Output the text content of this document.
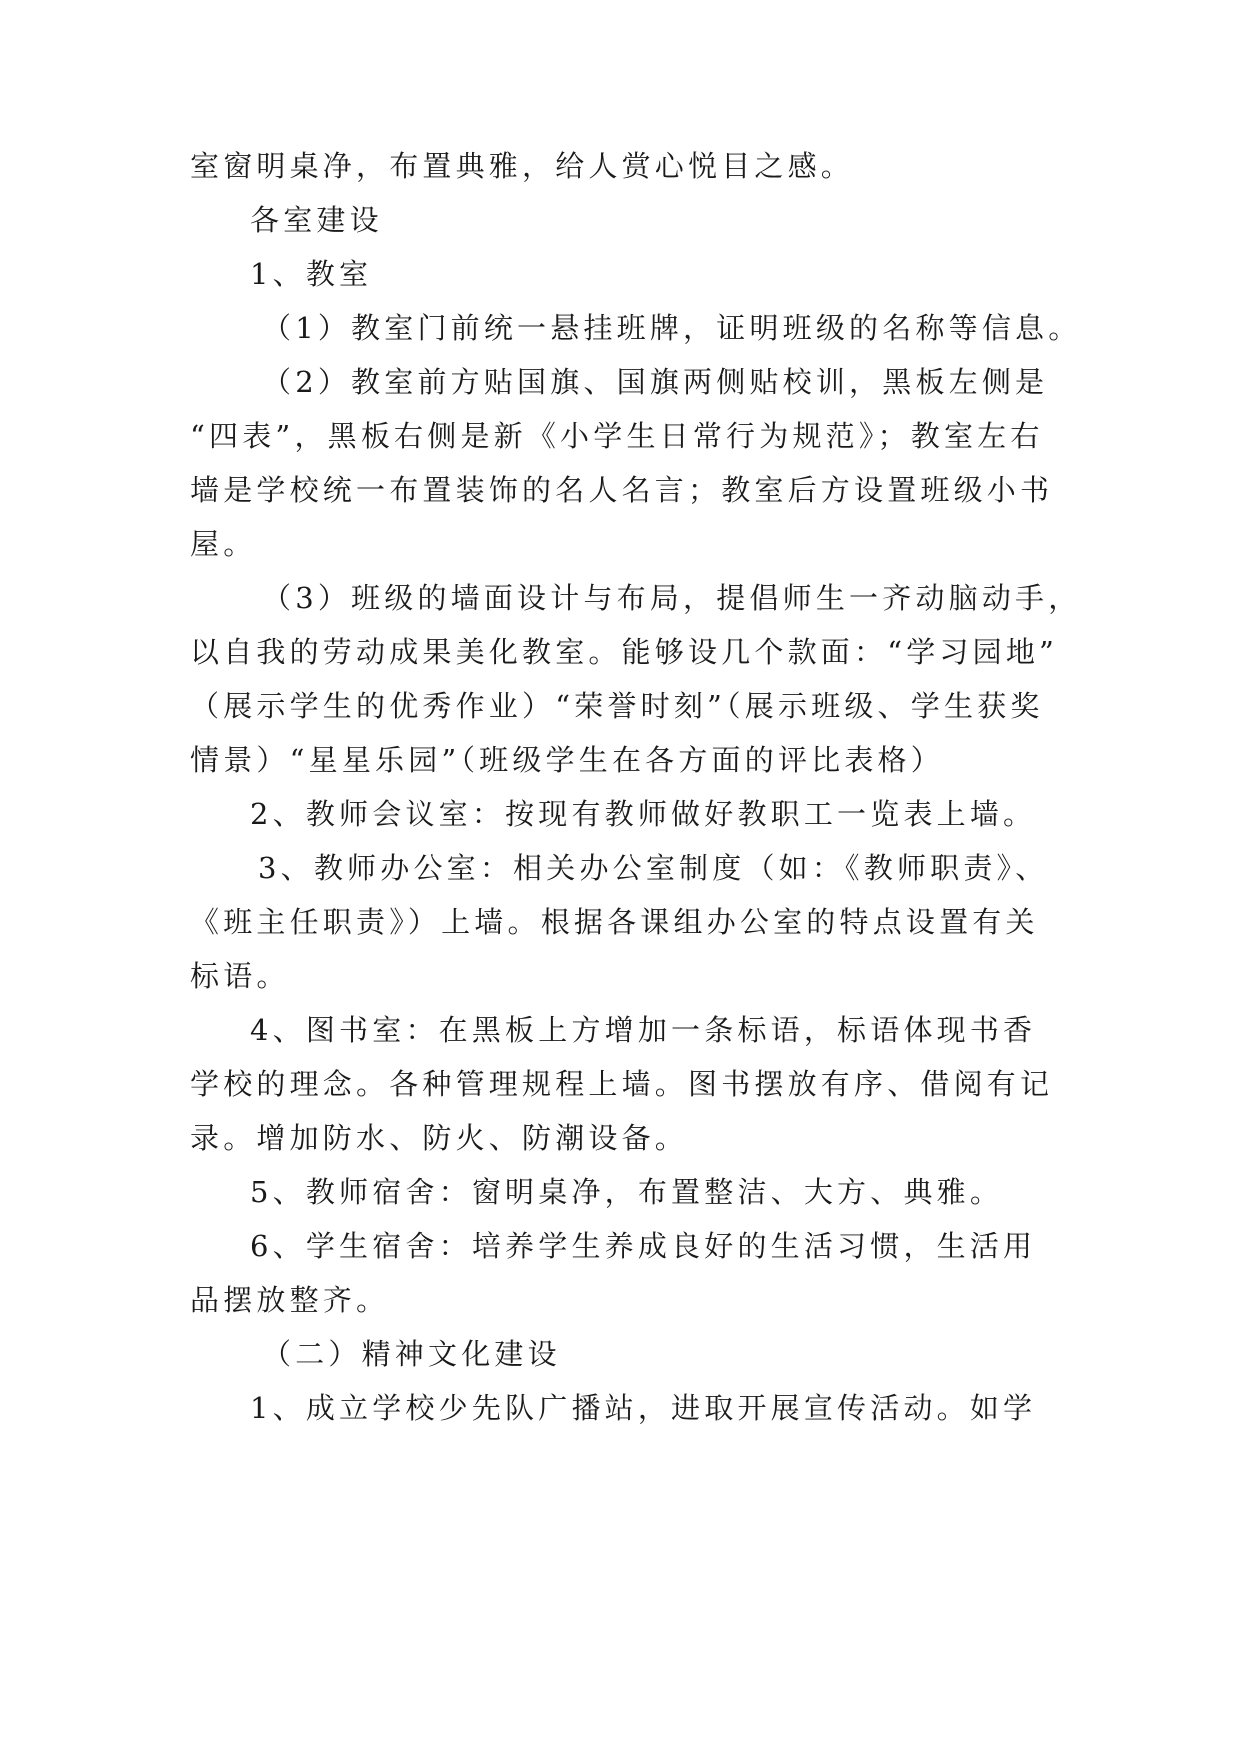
室窗明桌净，布置典雅，给人赏心悦目之感。
各室建设
1、教室
（1）教室门前统一悬挂班牌，证明班级的名称等信息。
（2）教室前方贴国旗、国旗两侧贴校训，黑板左侧是
“四表”，黑板右侧是新《小学生日常行为规范》；教室左右
墙是学校统一布置装饰的名人名言；教室后方设置班级小书
屋。
（3）班级的墙面设计与布局，提倡师生一齐动脑动手，
以自我的劳动成果美化教室。能够设几个款面：“学习园地”
（展示学生的优秀作业）“荣誉时刻”（展示班级、学生获奖
情景）“星星乐园”（班级学生在各方面的评比表格）
2、教师会议室：按现有教师做好教职工一览表上墙。
3、教师办公室：相关办公室制度（如：《教师职责》、
《班主任职责》）上墙。根据各课组办公室的特点设置有关
标语。
4、图书室：在黑板上方增加一条标语，标语体现书香
学校的理念。各种管理规程上墙。图书摆放有序、借阅有记
录。增加防水、防火、防潮设备。
5、教师宿舍：窗明桌净，布置整洁、大方、典雅。
6、学生宿舍：培养学生养成良好的生活习惯，生活用
品摆放整齐。
（二）精神文化建设
1、成立学校少先队广播站，进取开展宣传活动。如学
